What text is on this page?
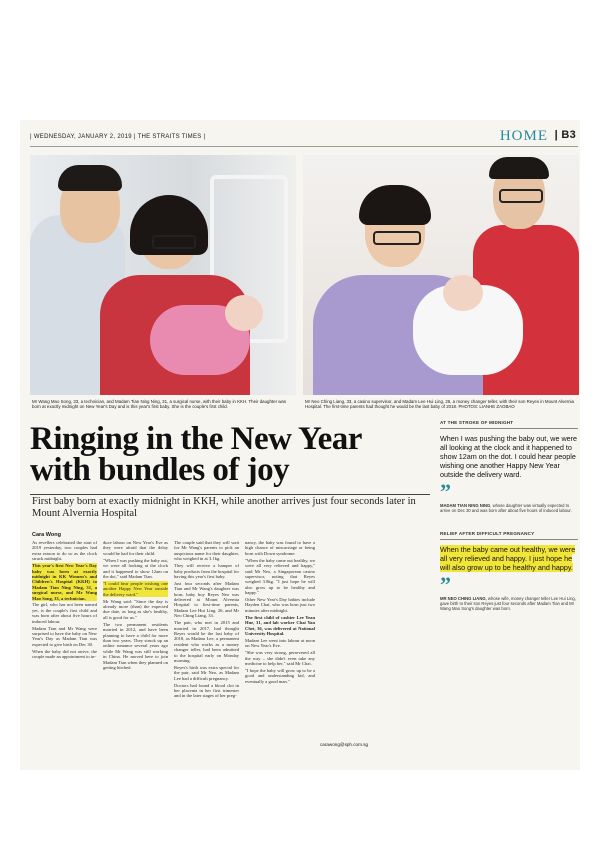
| WEDNESDAY, JANUARY 2, 2019 | THE STRAITS TIMES |	HOME | B3
Mr Wang Mao Song, 33, a technician, and Madam Tian Ning Ning, 31, a surgical nurse, with their baby in KKH. Their daughter was born at exactly midnight on New Year's Day and is this year's first baby. She is the couple's first child.
Mr Neo Ching Liang, 33, a casino supervisor, and Madam Lee Hui Ling, 26, a money changer teller, with their son Reyes in Mount Alvernia Hospital. The first-time parents had thought he would be the last baby of 2018. PHOTOS: LIANHE ZAOBAO
Ringing in the New Year
with bundles of joy
First baby born at exactly midnight in KKH, while another arrives just four seconds later in Mount Alvernia Hospital
Cara Wong

As revellers celebrated the start of 2019 yesterday, two couples had extra reason to do so as the clock struck midnight.

This year's first New Year's Day baby was born at exactly midnight in KK Women's and Children's Hospital (KKH) to Madam Tian Ning Ning, 31, a surgical nurse, and Mr Wang Mao Song, 33, a technician.

The girl, who has not been named yet, is the couple's first child and was born after about five hours of induced labour.

Madam Tian and Mr Wang were surprised to have the baby on New Year's Day as Madam Tian was expected to give birth on Dec 30.

When the baby did not arrive, the couple made an appointment to in-

duce labour on New Year's Eve as they were afraid that the delay would be bad for their child.

"When I was pushing the baby out, we were all looking at the clock and it happened to show 12am on the dot," said Madam Tian.

"I could hear people wishing one another Happy New Year outside the delivery ward."

Mr Wang said: "Since the day is already more (than) the expected due date, as long as she's healthy, all is good for us."

The two permanent residents married in 2012, and have been planning to have a child for more than two years. They struck up an online romance several years ago while Mr Wang was still working in China. He moved here to join Madam Tian when they planned on getting hitched.

The couple said that they will wait for Mr Wang's parents to pick an auspicious name for their daughter, who weighed in at 3.1kg.

They will receive a hamper of baby products from the hospital for having this year's first baby.

Just four seconds after Madam Tian and Mr Wang's daughter was born, baby boy Reyes Neo was delivered at Mount Alvernia Hospital to first-time parents, Madam Lee Hui Ling, 26, and Mr Neo Ching Liang, 33.

The pair, who met in 2015 and married in 2017, had thought Reyes would be the last baby of 2018, as Madam Lee, a permanent resident who works as a money changer teller, had been admitted to the hospital early on Monday morning.

Reyes's birth was extra special for the pair, said Mr Neo, as Madam Lee had a difficult pregnancy.

Doctors had found a blood clot in her placenta in her first trimester and in the later stages of her preg-

nancy, the baby was found to have a high chance of miscarriage or being born with Down syndrome.

"When the baby came out healthy, we were all very relieved and happy," said Mr Neo, a Singaporean casino supervisor, noting that Reyes weighed 3.8kg. "I just hope he will also grow up to be healthy and happy."

Other New Year's Day babies include Hayden Chai, who was born just two minutes after midnight.

The first child of cashier Lee Yean Hue, 31, and lab worker Chai Yan Chet, 36, was delivered at National University Hospital.

Madam Lee went into labour at noon on New Year's Eve.

"She was very strong, persevered all the way – she didn't even take any medicine to help her," said Mr Chai.

"I hope the baby will grow up to be a good and understanding kid, and eventually a good man."

carawong@sph.com.sg
AT THE STROKE OF MIDNIGHT
When I was pushing the baby out, we were all looking at the clock and it happened to show 12am on the dot. I could hear people wishing one another Happy New Year outside the delivery ward.
”
MADAM TIAN NING NING, whose daughter was virtually expected to arrive on Dec 30 and was born after about five hours of induced labour.
RELIEF AFTER DIFFICULT PREGNANCY
When the baby came out healthy, we were all very relieved and happy. I just hope he will also grow up to be healthy and happy.
”
MR NEO CHING LIANG, whose wife, money changer teller Lee Hui Ling, gave birth to their son Reyes just four seconds after Madam Tian and Mr Wang Mao Song's daughter was born.
